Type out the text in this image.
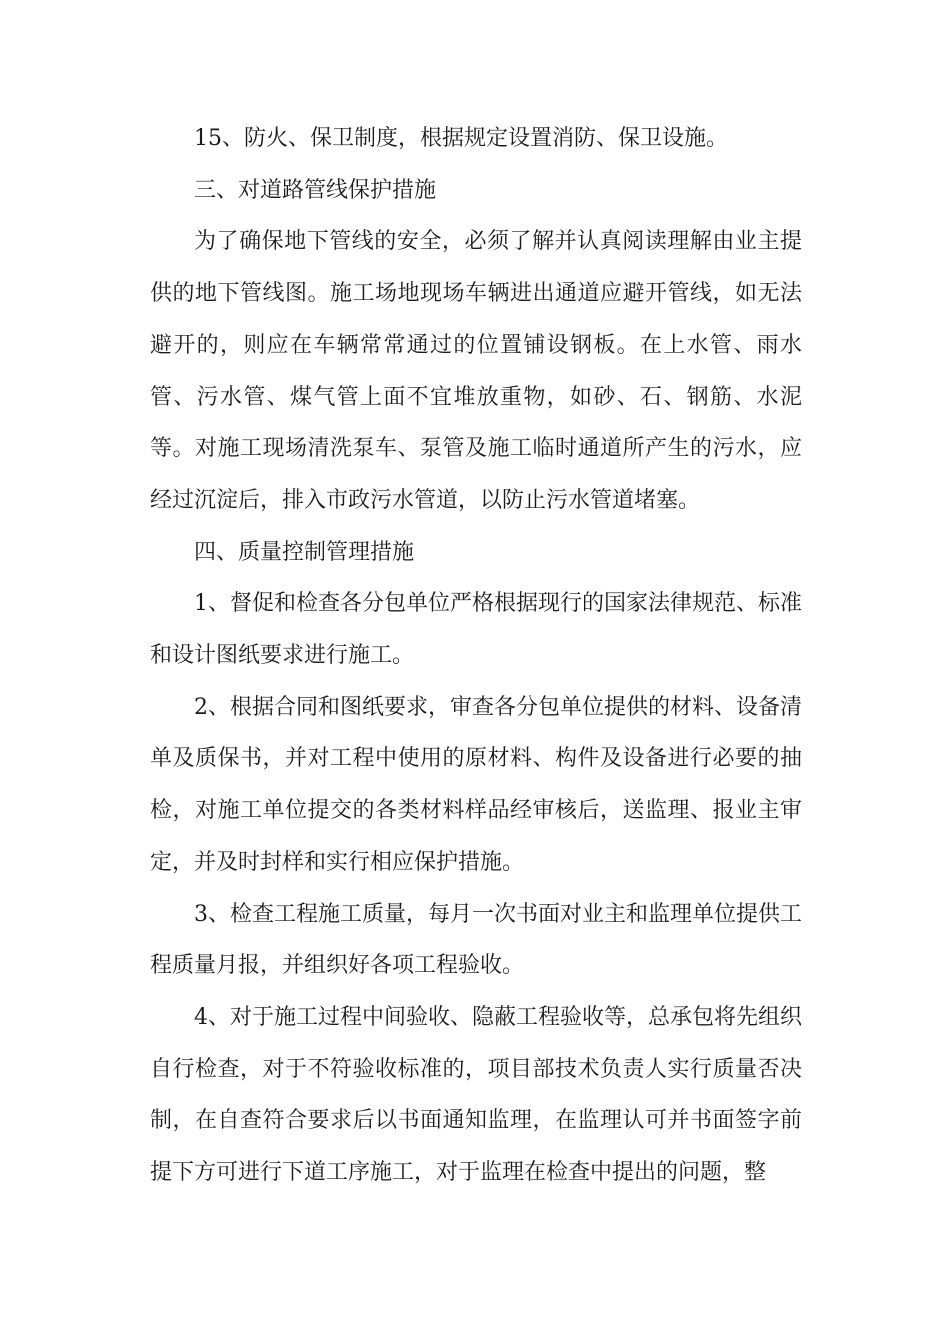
15、防火、保卫制度，根据规定设置消防、保卫设施。

三、对道路管线保护措施

为了确保地下管线的安全，必须了解并认真阅读理解由业主提供的地下管线图。施工场地现场车辆进出通道应避开管线，如无法避开的，则应在车辆常常通过的位置铺设钢板。在上水管、雨水管、污水管、煤气管上面不宜堆放重物，如砂、石、钢筋、水泥等。对施工现场清洗泵车、泵管及施工临时通道所产生的污水，应经过沉淀后，排入市政污水管道，以防止污水管道堵塞。

四、质量控制管理措施

1、督促和检查各分包单位严格根据现行的国家法律规范、标准和设计图纸要求进行施工。

2、根据合同和图纸要求，审查各分包单位提供的材料、设备清单及质保书，并对工程中使用的原材料、构件及设备进行必要的抽检，对施工单位提交的各类材料样品经审核后，送监理、报业主审定，并及时封样和实行相应保护措施。

3、检查工程施工质量，每月一次书面对业主和监理单位提供工程质量月报，并组织好各项工程验收。

4、对于施工过程中间验收、隐蔽工程验收等，总承包将先组织自行检查，对于不符验收标准的，项目部技术负责人实行质量否决制，在自查符合要求后以书面通知监理，在监理认可并书面签字前提下方可进行下道工序施工，对于监理在检查中提出的问题，整
